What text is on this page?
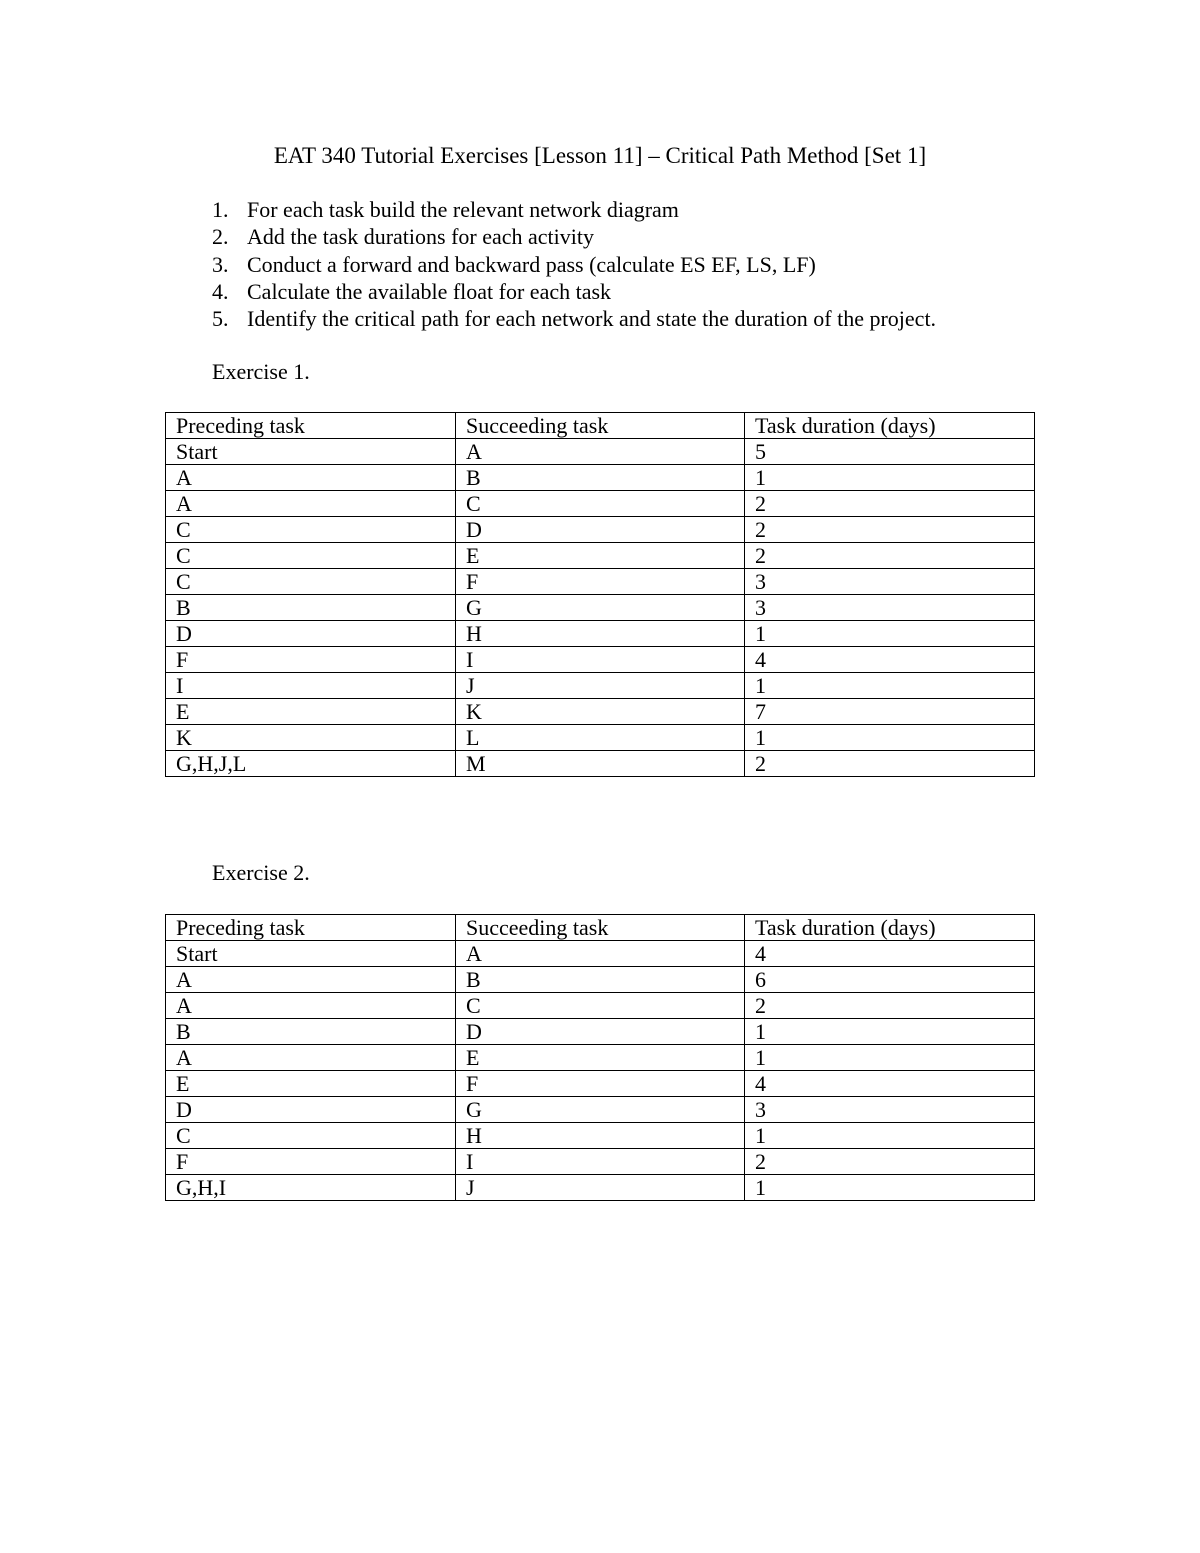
EAT 340 Tutorial Exercises [Lesson 11] – Critical Path Method [Set 1]
1. For each task build the relevant network diagram
2. Add the task durations for each activity
3. Conduct a forward and backward pass (calculate ES EF, LS, LF)
4. Calculate the available float for each task
5. Identify the critical path for each network and state the duration of the project.
Exercise 1.
Preceding task	Succeeding task	Task duration (days)
Start	A	5
A	B	1
A	C	2
C	D	2
C	E	2
C	F	3
B	G	3
D	H	1
F	I	4
I	J	1
E	K	7
K	L	1
G,H,J,L	M	2
Exercise 2.
Preceding task	Succeeding task	Task duration (days)
Start	A	4
A	B	6
A	C	2
B	D	1
A	E	1
E	F	4
D	G	3
C	H	1
F	I	2
G,H,I	J	1
